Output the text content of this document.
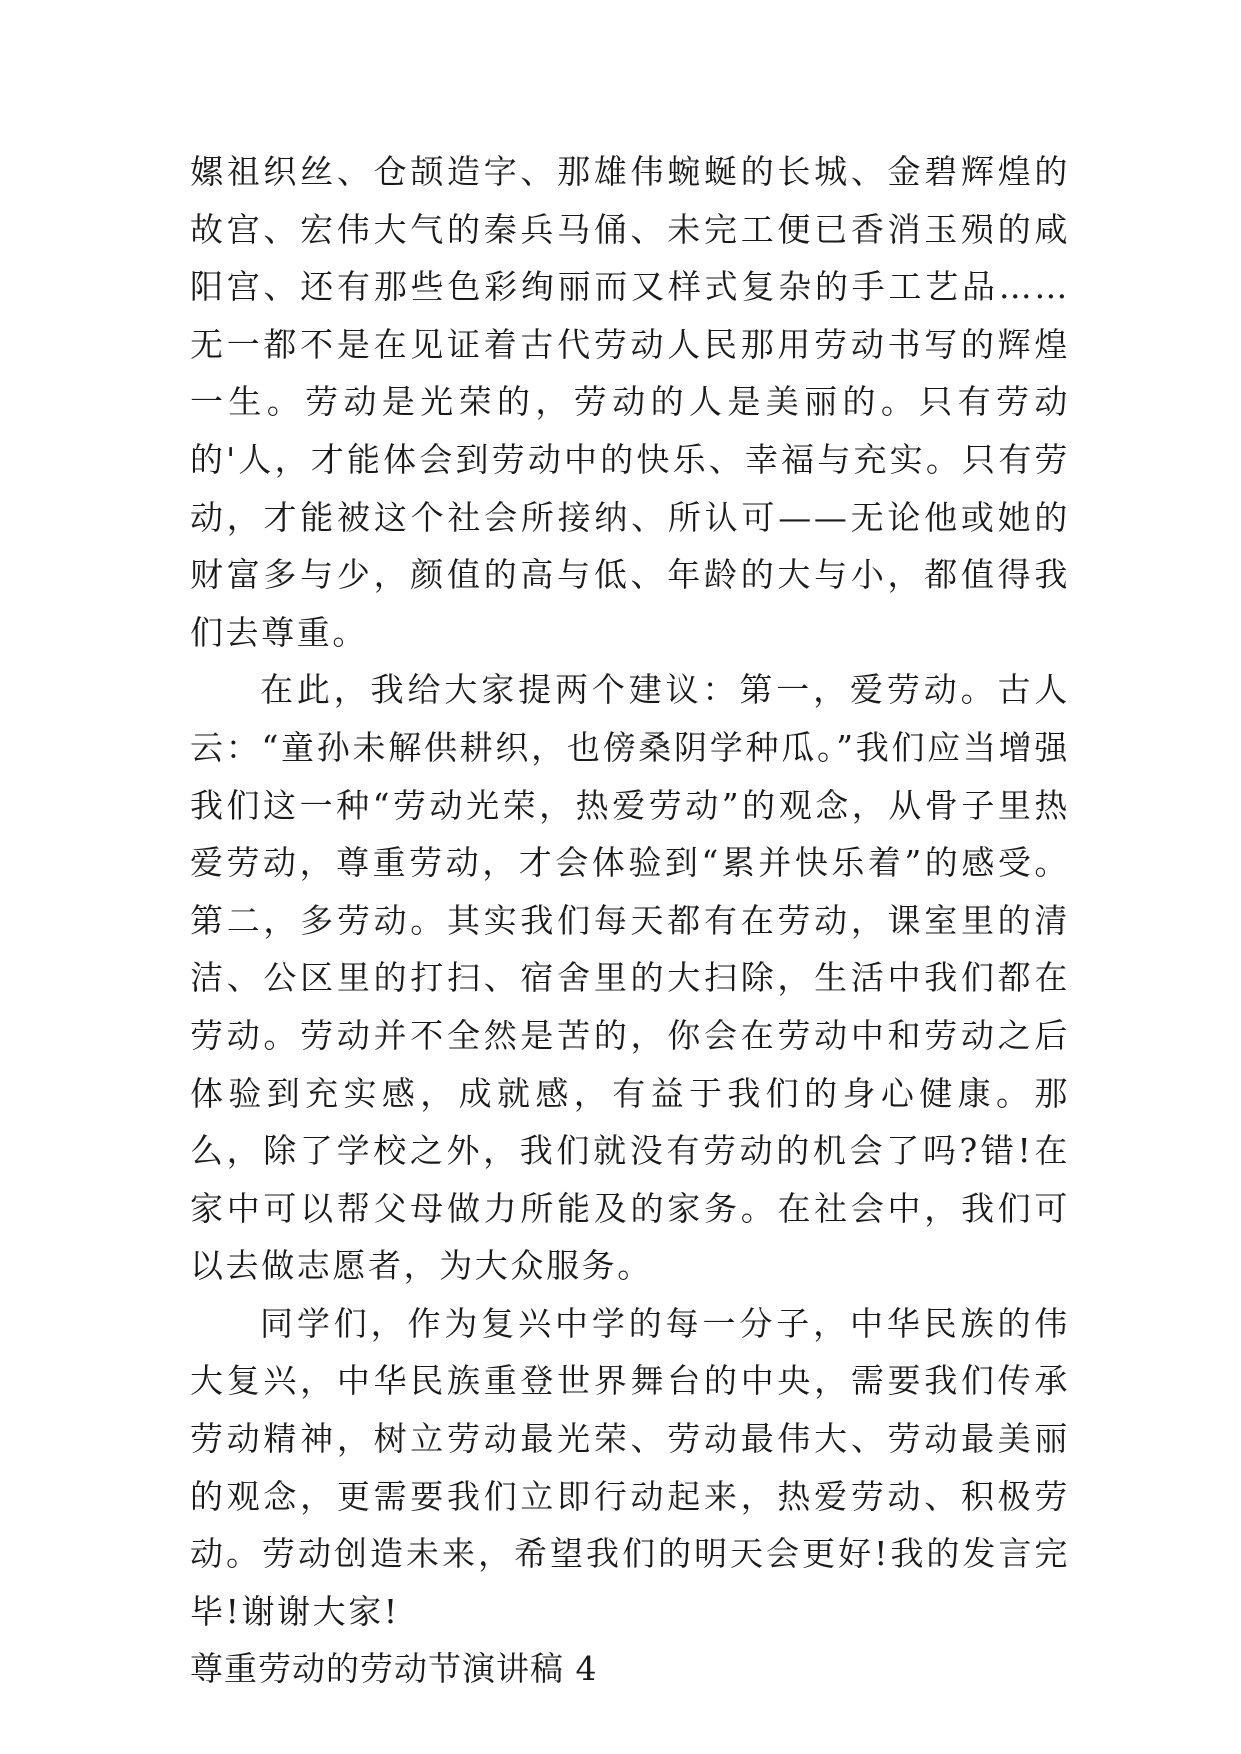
嫘祖织丝、仓颉造字、那雄伟蜿蜒的长城、金碧辉煌的故宫、宏伟大气的秦兵马俑、未完工便已香消玉殒的咸阳宫、还有那些色彩绚丽而又样式复杂的手工艺品……无一都不是在见证着古代劳动人民那用劳动书写的辉煌一生。劳动是光荣的，劳动的人是美丽的。只有劳动的'人，才能体会到劳动中的快乐、幸福与充实。只有劳动，才能被这个社会所接纳、所认可——无论他或她的财富多与少，颜值的高与低、年龄的大与小，都值得我们去尊重。

在此，我给大家提两个建议：第一，爱劳动。古人云：“童孙未解供耕织，也傍桑阴学种瓜。”我们应当增强我们这一种“劳动光荣，热爱劳动”的观念，从骨子里热爱劳动，尊重劳动，才会体验到“累并快乐着”的感受。第二，多劳动。其实我们每天都有在劳动，课室里的清洁、公区里的打扫、宿舍里的大扫除，生活中我们都在劳动。劳动并不全然是苦的，你会在劳动中和劳动之后体验到充实感，成就感，有益于我们的身心健康。那么，除了学校之外，我们就没有劳动的机会了吗?错!在家中可以帮父母做力所能及的家务。在社会中，我们可以去做志愿者，为大众服务。

同学们，作为复兴中学的每一分子，中华民族的伟大复兴，中华民族重登世界舞台的中央，需要我们传承劳动精神，树立劳动最光荣、劳动最伟大、劳动最美丽的观念，更需要我们立即行动起来，热爱劳动、积极劳动。劳动创造未来，希望我们的明天会更好!我的发言完毕!谢谢大家!

尊重劳动的劳动节演讲稿 4
